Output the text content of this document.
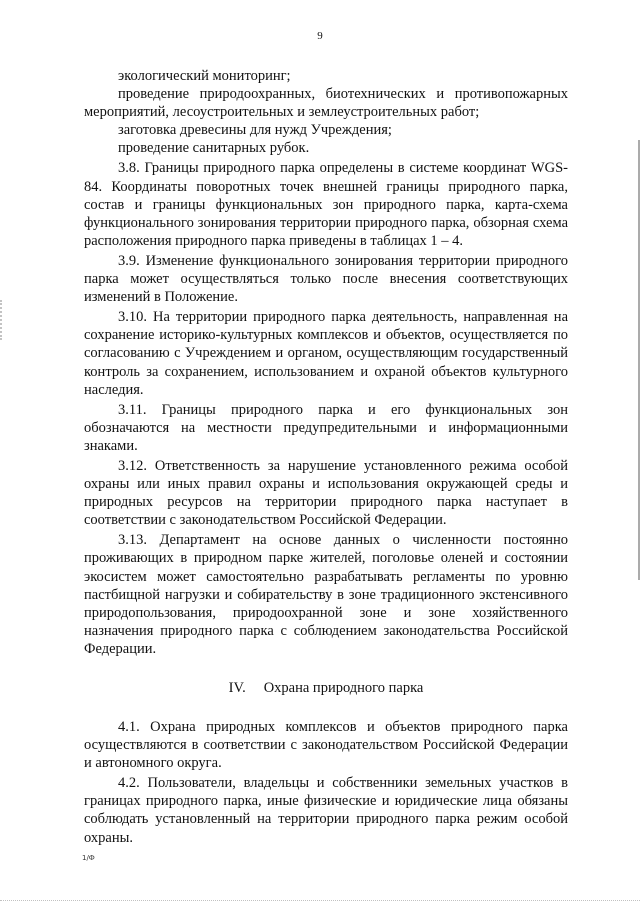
9

экологический мониторинг;

проведение природоохранных, биотехнических и противопожарных мероприятий, лесоустроительных и землеустроительных работ;

заготовка древесины для нужд Учреждения;

проведение санитарных рубок.

3.8. Границы природного парка определены в системе координат WGS-84. Координаты поворотных точек внешней границы природного парка, состав и границы функциональных зон природного парка, карта-схема функционального зонирования территории природного парка, обзорная схема расположения природного парка приведены в таблицах 1 – 4.

3.9. Изменение функционального зонирования территории природного парка может осуществляться только после внесения соответствующих изменений в Положение.

3.10. На территории природного парка деятельность, направленная на сохранение историко-культурных комплексов и объектов, осуществляется по согласованию с Учреждением и органом, осуществляющим государственный контроль за сохранением, использованием и охраной объектов культурного наследия.

3.11. Границы природного парка и его функциональных зон обозначаются на местности предупредительными и информационными знаками.

3.12. Ответственность за нарушение установленного режима особой охраны или иных правил охраны и использования окружающей среды и природных ресурсов на территории природного парка наступает в соответствии с законодательством Российской Федерации.

3.13. Департамент на основе данных о численности постоянно проживающих в природном парке жителей, поголовье оленей и состоянии экосистем может самостоятельно разрабатывать регламенты по уровню пастбищной нагрузки и собирательству в зоне традиционного экстенсивного природопользования, природоохранной зоне и зоне хозяйственного назначения природного парка с соблюдением законодательства Российской Федерации.

IV. Охрана природного парка

4.1. Охрана природных комплексов и объектов природного парка осуществляются в соответствии с законодательством Российской Федерации и автономного округа.

4.2. Пользователи, владельцы и собственники земельных участков в границах природного парка, иные физические и юридические лица обязаны соблюдать установленный на территории природного парка режим особой охраны.

1/Ф
